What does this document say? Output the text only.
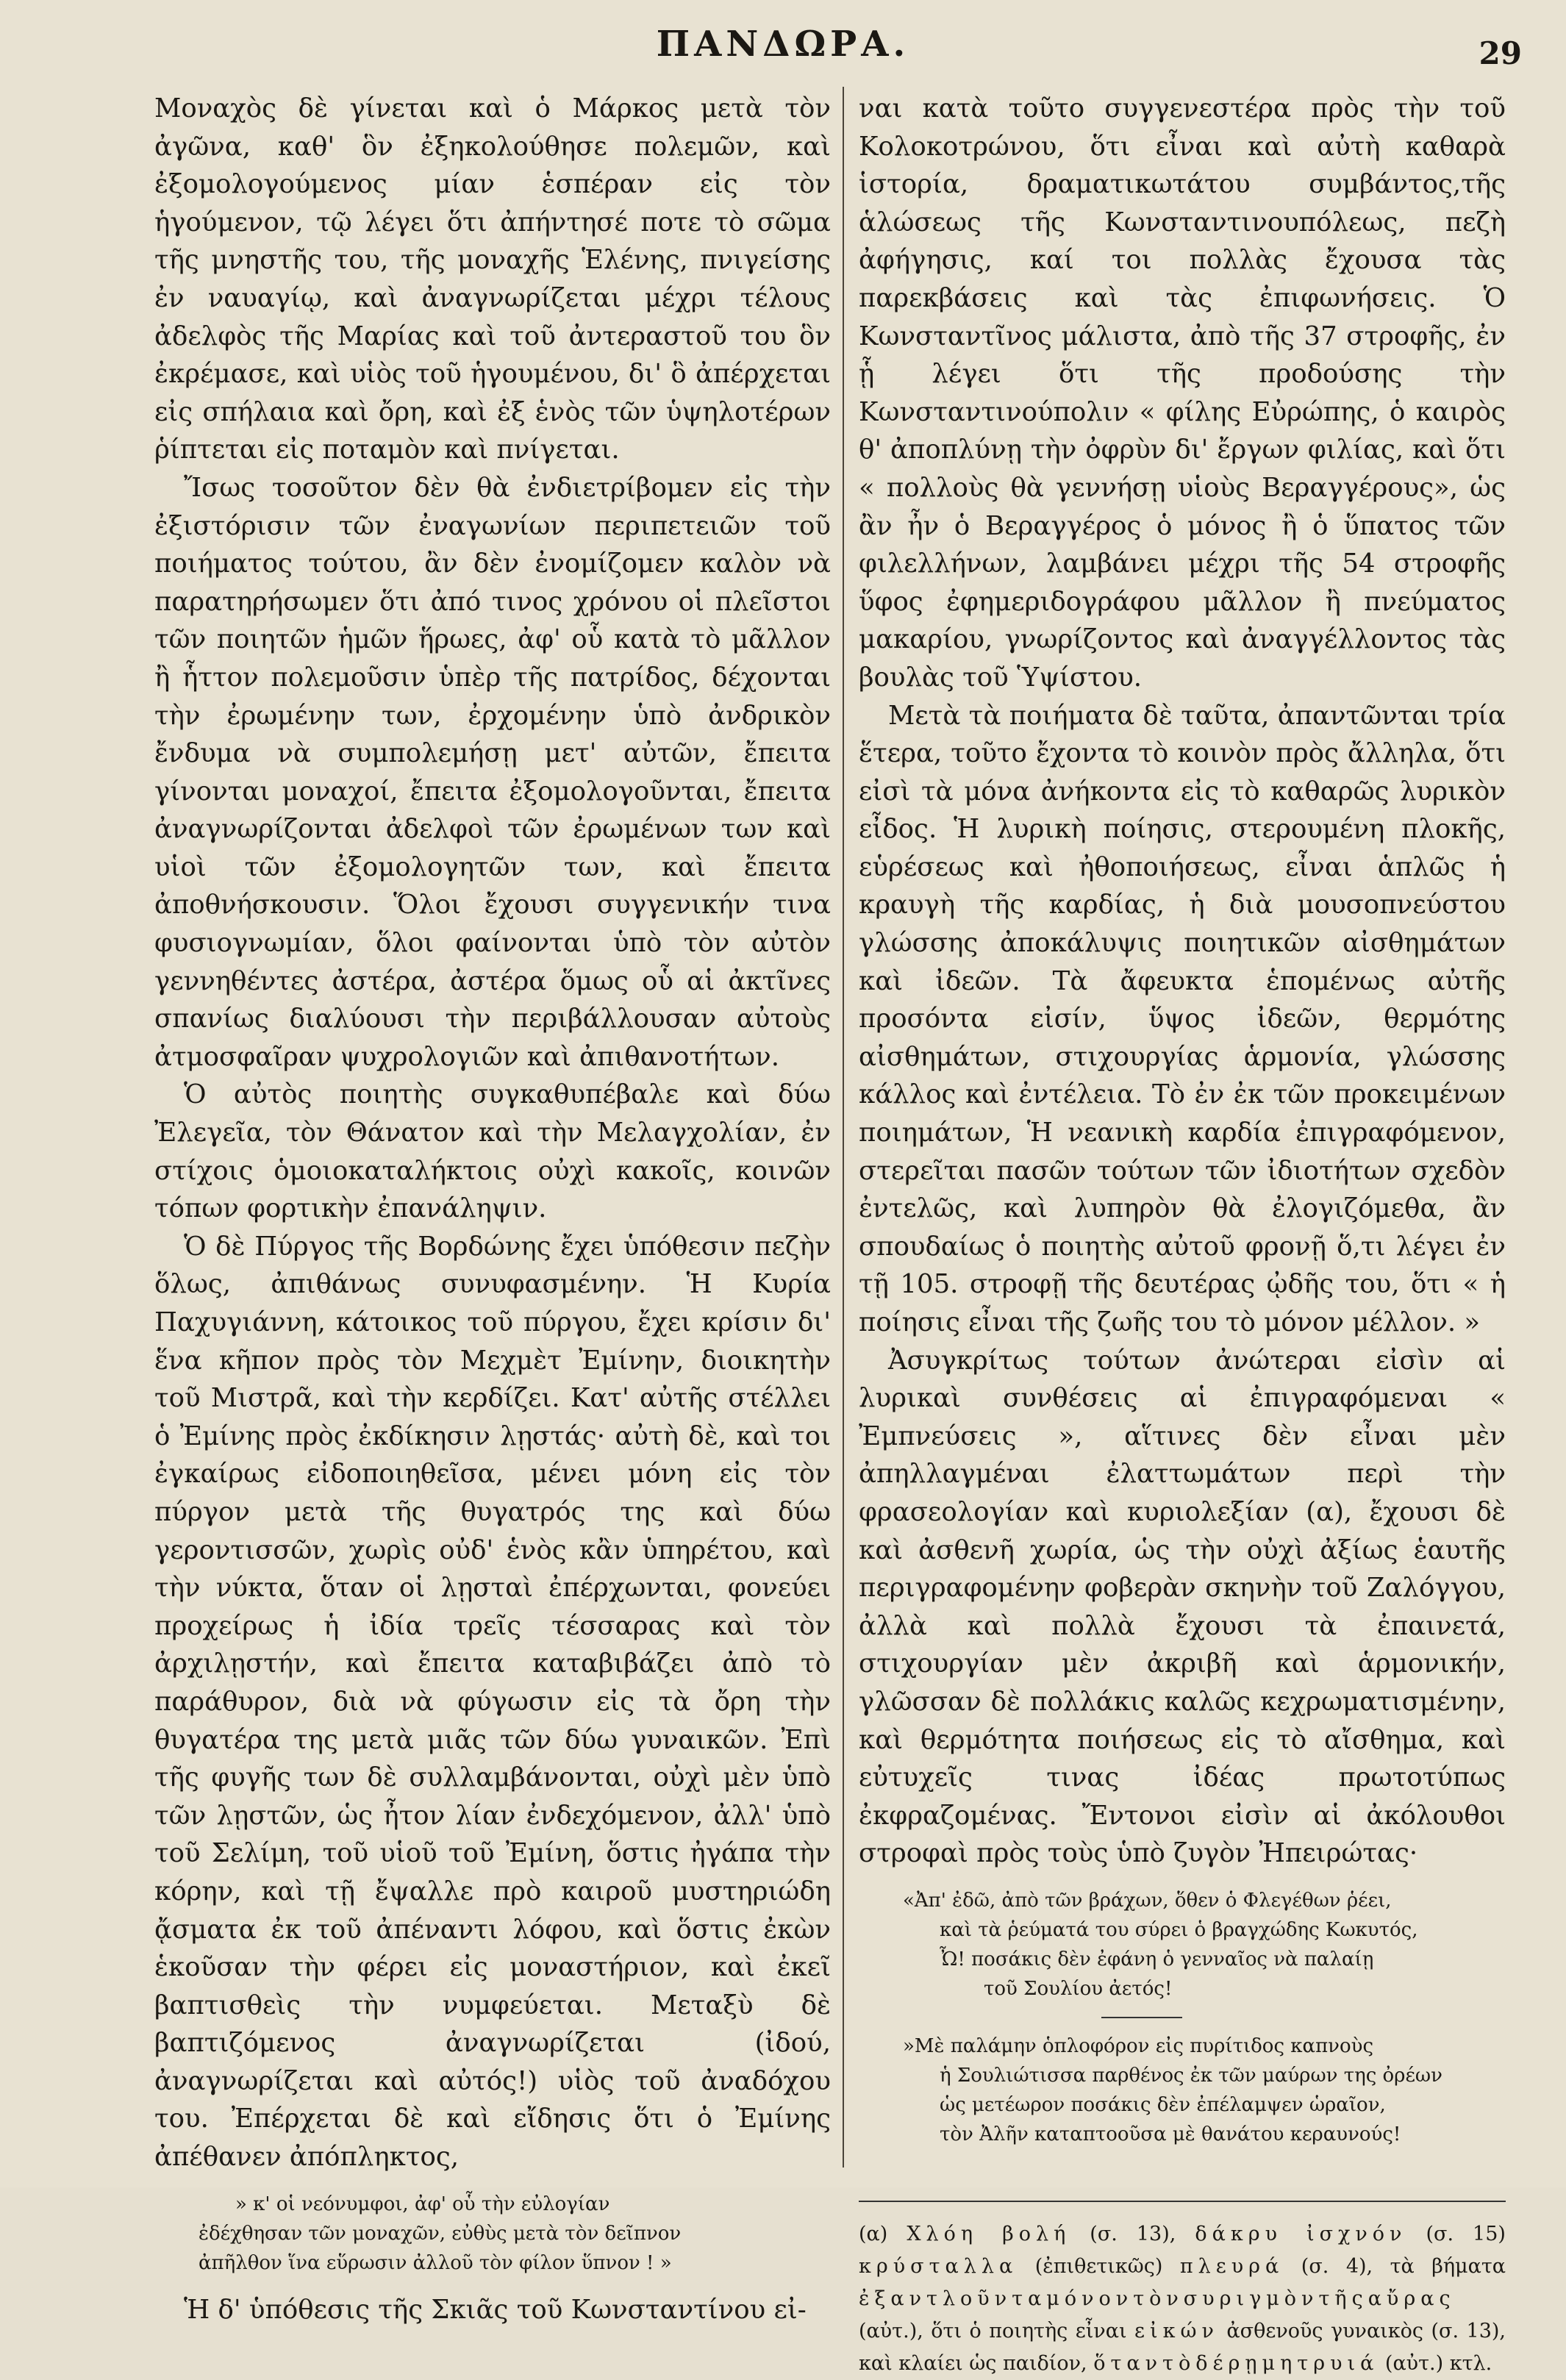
ΠΑΝΔΩΡΑ.	29

Μοναχὸς δὲ γίνεται καὶ ὁ Μάρκος μετὰ τὸν ἀγῶνα, καθ' ὃν ἐξηκολούθησε πολεμῶν, καὶ ἐξομολογούμενος μίαν ἑσπέραν εἰς τὸν ἡγούμενον, τῷ λέγει ὅτι ἀπήντησέ ποτε τὸ σῶμα τῆς μνηστῆς του, τῆς μοναχῆς Ἑλένης, πνιγείσης ἐν ναυαγίῳ, καὶ ἀναγνωρίζεται μέχρι τέλους ἀδελφὸς τῆς Μαρίας καὶ τοῦ ἀντεραστοῦ του ὃν ἐκρέμασε, καὶ υἱὸς τοῦ ἡγουμένου, δι' ὃ ἀπέρχεται εἰς σπήλαια καὶ ὄρη, καὶ ἐξ ἑνὸς τῶν ὑψηλοτέρων ῥίπτεται εἰς ποταμὸν καὶ πνίγεται.

Ἴσως τοσοῦτον δὲν θὰ ἐνδιετρίβομεν εἰς τὴν ἐξιστόρισιν τῶν ἐναγωνίων περιπετειῶν τοῦ ποιήματος τούτου, ἂν δὲν ἐνομίζομεν καλὸν νὰ παρατηρήσωμεν ὅτι ἀπό τινος χρόνου οἱ πλεῖστοι τῶν ποιητῶν ἡμῶν ἥρωες, ἀφ' οὗ κατὰ τὸ μᾶλλον ἢ ἧττον πολεμοῦσιν ὑπὲρ τῆς πατρίδος, δέχονται τὴν ἐρωμένην των, ἐρχομένην ὑπὸ ἀνδρικὸν ἔνδυμα νὰ συμπολεμήσῃ μετ' αὐτῶν, ἔπειτα γίνονται μοναχοί, ἔπειτα ἐξομολογοῦνται, ἔπειτα ἀναγνωρίζονται ἀδελφοὶ τῶν ἐρωμένων των καὶ υἱοὶ τῶν ἐξομολογητῶν των, καὶ ἔπειτα ἀποθνήσκουσιν. Ὅλοι ἔχουσι συγγενικήν τινα φυσιογνωμίαν, ὅλοι φαίνονται ὑπὸ τὸν αὐτὸν γεννηθέντες ἀστέρα, ἀστέρα ὅμως οὗ αἱ ἀκτῖνες σπανίως διαλύουσι τὴν περιβάλλουσαν αὐτοὺς ἀτμοσφαῖραν ψυχρολογιῶν καὶ ἀπιθανοτήτων.

Ὁ αὐτὸς ποιητὴς συγκαθυπέβαλε καὶ δύω Ἐλεγεῖα, τὸν Θάνατον καὶ τὴν Μελαγχολίαν, ἐν στίχοις ὁμοιοκαταλήκτοις οὐχὶ κακοῖς, κοινῶν τόπων φορτικὴν ἐπανάληψιν.

Ὁ δὲ Πύργος τῆς Βορδώνης ἔχει ὑπόθεσιν πεζὴν ὅλως, ἀπιθάνως συνυφασμένην. Ἡ Κυρία Παχυγιάννη, κάτοικος τοῦ πύργου, ἔχει κρίσιν δι' ἕνα κῆπον πρὸς τὸν Μεχμὲτ Ἐμίνην, διοικητὴν τοῦ Μιστρᾶ, καὶ τὴν κερδίζει. Κατ' αὐτῆς στέλλει ὁ Ἐμίνης πρὸς ἐκδίκησιν λῃστάς· αὐτὴ δὲ, καὶ τοι ἐγκαίρως εἰδοποιηθεῖσα, μένει μόνη εἰς τὸν πύργον μετὰ τῆς θυγατρός της καὶ δύω γεροντισσῶν, χωρὶς οὐδ' ἑνὸς κἂν ὑπηρέτου, καὶ τὴν νύκτα, ὅταν οἱ λῃσταὶ ἐπέρχωνται, φονεύει προχείρως ἡ ἰδία τρεῖς τέσσαρας καὶ τὸν ἀρχιλῃστήν, καὶ ἔπειτα καταβιβάζει ἀπὸ τὸ παράθυρον, διὰ νὰ φύγωσιν εἰς τὰ ὄρη τὴν θυγατέρα της μετὰ μιᾶς τῶν δύω γυναικῶν. Ἐπὶ τῆς φυγῆς των δὲ συλλαμβάνονται, οὐχὶ μὲν ὑπὸ τῶν λῃστῶν, ὡς ἦτον λίαν ἐνδεχόμενον, ἀλλ' ὑπὸ τοῦ Σελίμη, τοῦ υἱοῦ τοῦ Ἐμίνη, ὅστις ἠγάπα τὴν κόρην, καὶ τῇ ἔψαλλε πρὸ καιροῦ μυστηριώδη ᾄσματα ἐκ τοῦ ἀπέναντι λόφου, καὶ ὅστις ἐκὼν ἑκοῦσαν τὴν φέρει εἰς μοναστήριον, καὶ ἐκεῖ βαπτισθεὶς τὴν νυμφεύεται. Μεταξὺ δὲ βαπτιζόμενος ἀναγνωρίζεται (ἰδού, ἀναγνωρίζεται καὶ αὐτός!) υἱὸς τοῦ ἀναδόχου του. Ἐπέρχεται δὲ καὶ εἴδησις ὅτι ὁ Ἐμίνης ἀπέθανεν ἀπόπληκτος,

» κ' οἱ νεόνυμφοι, ἀφ' οὗ τὴν εὐλογίαν
ἐδέχθησαν τῶν μοναχῶν, εὐθὺς μετὰ τὸν δεῖπνον
ἀπῆλθον ἵνα εὕρωσιν ἀλλοῦ τὸν φίλον ὕπνον ! »

Ἡ δ' ὑπόθεσις τῆς Σκιᾶς τοῦ Κωνσταντίνου εἰ-

ναι κατὰ τοῦτο συγγενεστέρα πρὸς τὴν τοῦ Κολοκοτρώνου, ὅτι εἶναι καὶ αὐτὴ καθαρὰ ἱστορία, δραματικωτάτου συμβάντος,τῆς ἁλώσεως τῆς Κωνσταντινουπόλεως, πεζὴ ἀφήγησις, καί τοι πολλὰς ἔχουσα τὰς παρεκβάσεις καὶ τὰς ἐπιφωνήσεις. Ὁ Κωνσταντῖνος μάλιστα, ἀπὸ τῆς 37 στροφῆς, ἐν ᾗ λέγει ὅτι τῆς προδούσης τὴν Κωνσταντινούπολιν « φίλης Εὐρώπης, ὁ καιρὸς θ' ἀποπλύνῃ τὴν ὀφρὺν δι' ἔργων φιλίας, καὶ ὅτι « πολλοὺς θὰ γεννήσῃ υἱοὺς Βεραγγέρους», ὡς ἂν ἦν ὁ Βεραγγέρος ὁ μόνος ἢ ὁ ὕπατος τῶν φιλελλήνων, λαμβάνει μέχρι τῆς 54 στροφῆς ὕφος ἐφημεριδογράφου μᾶλλον ἢ πνεύματος μακαρίου, γνωρίζοντος καὶ ἀναγγέλλοντος τὰς βουλὰς τοῦ Ὑψίστου.

Μετὰ τὰ ποιήματα δὲ ταῦτα, ἀπαντῶνται τρία ἕτερα, τοῦτο ἔχοντα τὸ κοινὸν πρὸς ἄλληλα, ὅτι εἰσὶ τὰ μόνα ἀνήκοντα εἰς τὸ καθαρῶς λυρικὸν εἶδος. Ἡ λυρικὴ ποίησις, στερουμένη πλοκῆς, εὑρέσεως καὶ ἠθοποιήσεως, εἶναι ἁπλῶς ἡ κραυγὴ τῆς καρδίας, ἡ διὰ μουσοπνεύστου γλώσσης ἀποκάλυψις ποιητικῶν αἰσθημάτων καὶ ἰδεῶν. Τὰ ἄφευκτα ἑπομένως αὐτῆς προσόντα εἰσίν, ὕψος ἰδεῶν, θερμότης αἰσθημάτων, στιχουργίας ἁρμονία, γλώσσης κάλλος καὶ ἐντέλεια. Τὸ ἐν ἐκ τῶν προκειμένων ποιημάτων, Ἡ νεανικὴ καρδία ἐπιγραφόμενον, στερεῖται πασῶν τούτων τῶν ἰδιοτήτων σχεδὸν ἐντελῶς, καὶ λυπηρὸν θὰ ἐλογιζόμεθα, ἂν σπουδαίως ὁ ποιητὴς αὐτοῦ φρονῇ ὅ,τι λέγει ἐν τῇ 105. στροφῇ τῆς δευτέρας ᾠδῆς του, ὅτι « ἡ ποίησις εἶναι τῆς ζωῆς του τὸ μόνον μέλλον. »

Ἀσυγκρίτως τούτων ἀνώτεραι εἰσὶν αἱ λυρικαὶ συνθέσεις αἱ ἐπιγραφόμεναι « Ἐμπνεύσεις », αἵτινες δὲν εἶναι μὲν ἀπηλλαγμέναι ἐλαττωμάτων περὶ τὴν φρασεολογίαν καὶ κυριολεξίαν (α), ἔχουσι δὲ καὶ ἀσθενῆ χωρία, ὡς τὴν οὐχὶ ἀξίως ἑαυτῆς περιγραφομένην φοβερὰν σκηνὴν τοῦ Ζαλόγγου, ἀλλὰ καὶ πολλὰ ἔχουσι τὰ ἐπαινετά, στιχουργίαν μὲν ἀκριβῆ καὶ ἁρμονικήν, γλῶσσαν δὲ πολλάκις καλῶς κεχρωματισμένην, καὶ θερμότητα ποιήσεως εἰς τὸ αἴσθημα, καὶ εὐτυχεῖς τινας ἰδέας πρωτοτύπως ἐκφραζομένας. Ἔντονοι εἰσὶν αἱ ἀκόλουθοι στροφαὶ πρὸς τοὺς ὑπὸ ζυγὸν Ἠπειρώτας·

«Ἀπ' ἐδῶ, ἀπὸ τῶν βράχων, ὅθεν ὁ Φλεγέθων ῥέει,
καὶ τὰ ῥεύματά του σύρει ὁ βραγχώδης Κωκυτός,
Ὦ! ποσάκις δὲν ἐφάνη ὁ γενναῖος νὰ παλαίῃ
τοῦ Σουλίου ἀετός!
»Μὲ παλάμην ὁπλοφόρον εἰς πυρίτιδος καπνοὺς
ἡ Σουλιώτισσα παρθένος ἐκ τῶν μαύρων της ὀρέων
ὡς μετέωρον ποσάκις δὲν ἐπέλαμψεν ὡραῖον,
τὸν Ἀλῆν καταπτοοῦσα μὲ θανάτου κεραυνούς!
(α) Χλόη βολή (σ. 13), δάκρυ ἰσχνόν (σ. 15) κρύσταλλα (ἐπιθετικῶς) πλευρά (σ. 4), τὰ βήματα ἐξαντλοῦνταμόνοντὸνσυριγμὸντῆςαὔρας (αὐτ.), ὅτι ὁ ποιητὴς εἶναι εἰκών ἀσθενοῦς γυναικὸς (σ. 13), καὶ κλαίει ὡς παιδίον, ὅταντὸδέρῃμητρυιά (αὐτ.) κτλ.
